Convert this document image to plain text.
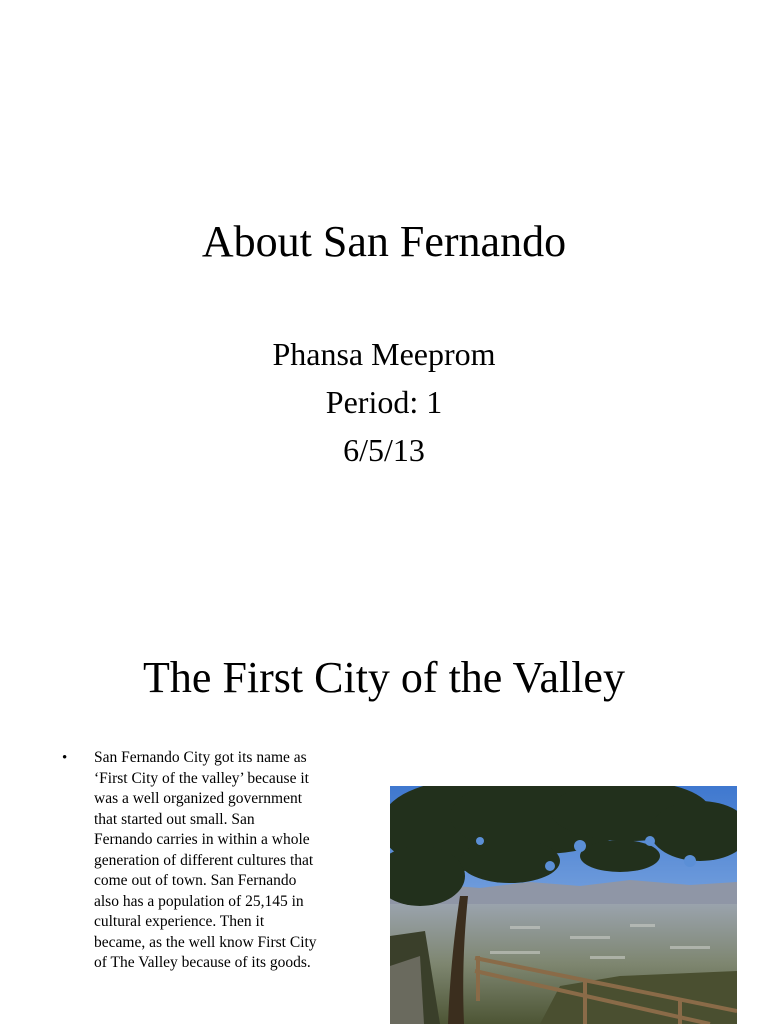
About San Fernando
Phansa Meeprom
Period: 1
6/5/13
The First City of the Valley
• San Fernando City got its name as
‘First City of the valley’ because it
was a well organized government
that started out small. San
Fernando carries in within a whole
generation of different cultures that
come out of town. San Fernando
also has a population of 25,145 in
cultural experience. Then it
became, as the well know First City
of The Valley because of its goods.
